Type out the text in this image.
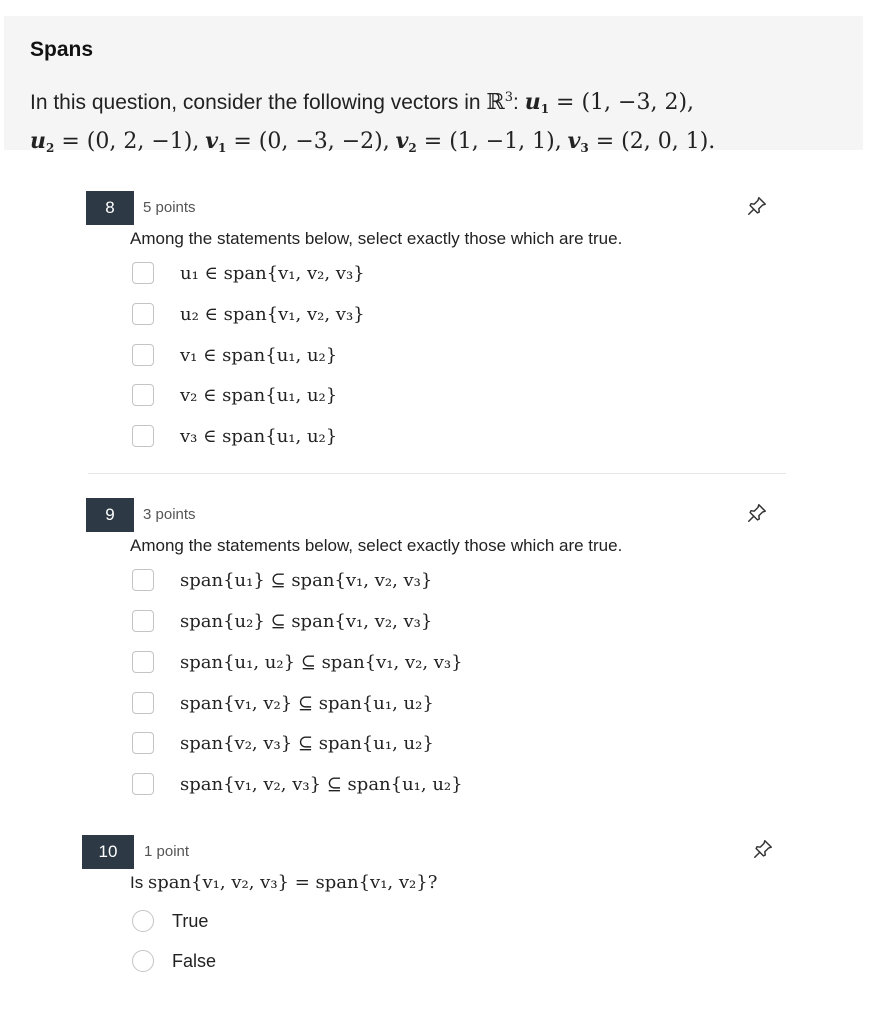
Spans
In this question, consider the following vectors in ℝ$^3$: $u_1 = (1$, −3, 2),
$u_2 = (0$, 2, −1), $v_1 = (0$, −3, −2), $v_2 = (1$, −1, 1), $v_3 = (2$, 0, 1).
8	5 points
Among the statements below, select exactly those which are true.
u₁ ∈ span{v₁, v₂, v₃}
u₂ ∈ span{v₁, v₂, v₃}
v₁ ∈ span{u₁, u₂}
v₂ ∈ span{u₁, u₂}
v₃ ∈ span{u₁, u₂}
9	3 points
Among the statements below, select exactly those which are true.
span{u₁} ⊆ span{v₁, v₂, v₃}
span{u₂} ⊆ span{v₁, v₂, v₃}
span{u₁, u₂} ⊆ span{v₁, v₂, v₃}
span{v₁, v₂} ⊆ span{u₁, u₂}
span{v₂, v₃} ⊆ span{u₁, u₂}
span{v₁, v₂, v₃} ⊆ span{u₁, u₂}
10	1 point
Is span{v₁, v₂, v₃} = span{v₁, v₂}?
True
False
